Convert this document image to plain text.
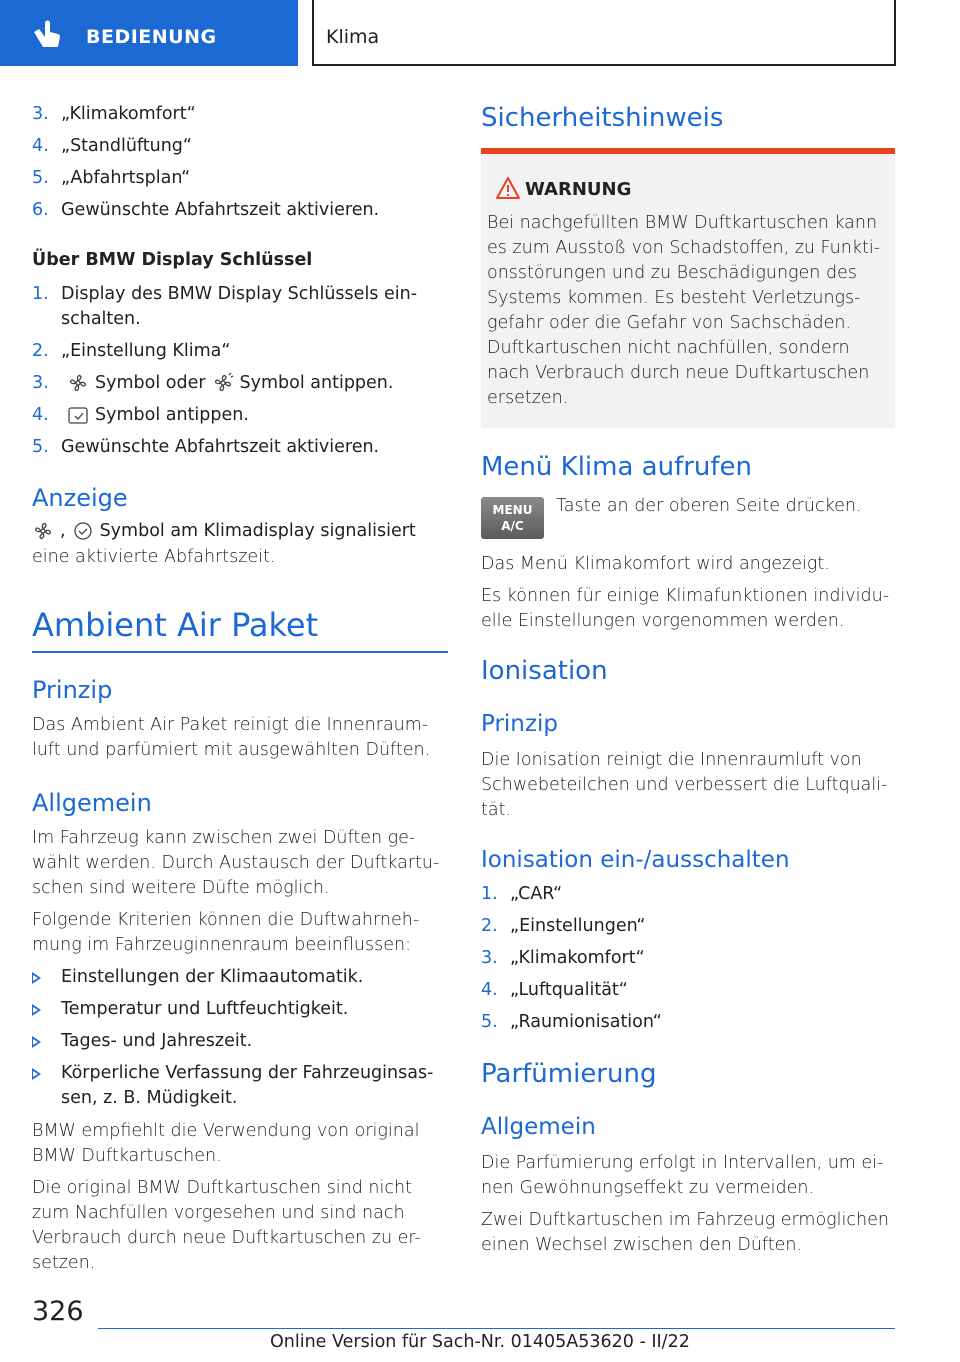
BEDIENUNG	Klima
3. „Klimakomfort“
4. „Standlüftung“
5. „Abfahrtsplan“
6. Gewünschte Abfahrtszeit aktivieren.
Über BMW Display Schlüssel
1. Display des BMW Display Schlüssels ein-
schalten.
2. „Einstellung Klima“
3.	Symbol oder Symbol antippen.
4.	Symbol antippen.
5. Gewünschte Abfahrtszeit aktivieren.
Anzeige
, Symbol am Klimadisplay signalisiert

eine aktivierte Abfahrtszeit.

Ambient Air Paket
Prinzip

Das Ambient Air Paket reinigt die Innenraum-

luft und parfümiert mit ausgewählten Düften.

Allgemein

Im Fahrzeug kann zwischen zwei Düften ge-

wählt werden. Durch Austausch der Duftkartu-

schen sind weitere Düfte möglich.

Folgende Kriterien können die Duftwahrneh-

mung im Fahrzeuginnenraum beeinflussen:

Einstellungen der Klimaautomatik.
Temperatur und Luftfeuchtigkeit.
Tages- und Jahreszeit.
Körperliche Verfassung der Fahrzeuginsas-
sen, z. B. Müdigkeit.

BMW empfiehlt die Verwendung von original

BMW Duftkartuschen.

Die original BMW Duftkartuschen sind nicht

zum Nachfüllen vorgesehen und sind nach

Verbrauch durch neue Duftkartuschen zu er-

setzen.

Sicherheitshinweis
WARNUNG

Bei nachgefüllten BMW Duftkartuschen kann

es zum Ausstoß von Schadstoffen, zu Funkti-

onsstörungen und zu Beschädigungen des

Systems kommen. Es besteht Verletzungs-

gefahr oder die Gefahr von Sachschäden.

Duftkartuschen nicht nachfüllen, sondern

nach Verbrauch durch neue Duftkartuschen

ersetzen.

Menü Klima aufrufen
MENU
A/C

Taste an der oberen Seite drücken.

Das Menü Klimakomfort wird angezeigt.

Es können für einige Klimafunktionen individu-

elle Einstellungen vorgenommen werden.

Ionisation
Prinzip

Die Ionisation reinigt die Innenraumluft von

Schwebeteilchen und verbessert die Luftquali-

tät.

Ionisation ein-/ausschalten
1. „CAR“
2. „Einstellungen“
3. „Klimakomfort“
4. „Luftqualität“
5. „Raumionisation“
Parfümierung
Allgemein

Die Parfümierung erfolgt in Intervallen, um ei-

nen Gewöhnungseffekt zu vermeiden.

Zwei Duftkartuschen im Fahrzeug ermöglichen

einen Wechsel zwischen den Düften.

326
Online Version für Sach-Nr. 01405A53620 - II/22
